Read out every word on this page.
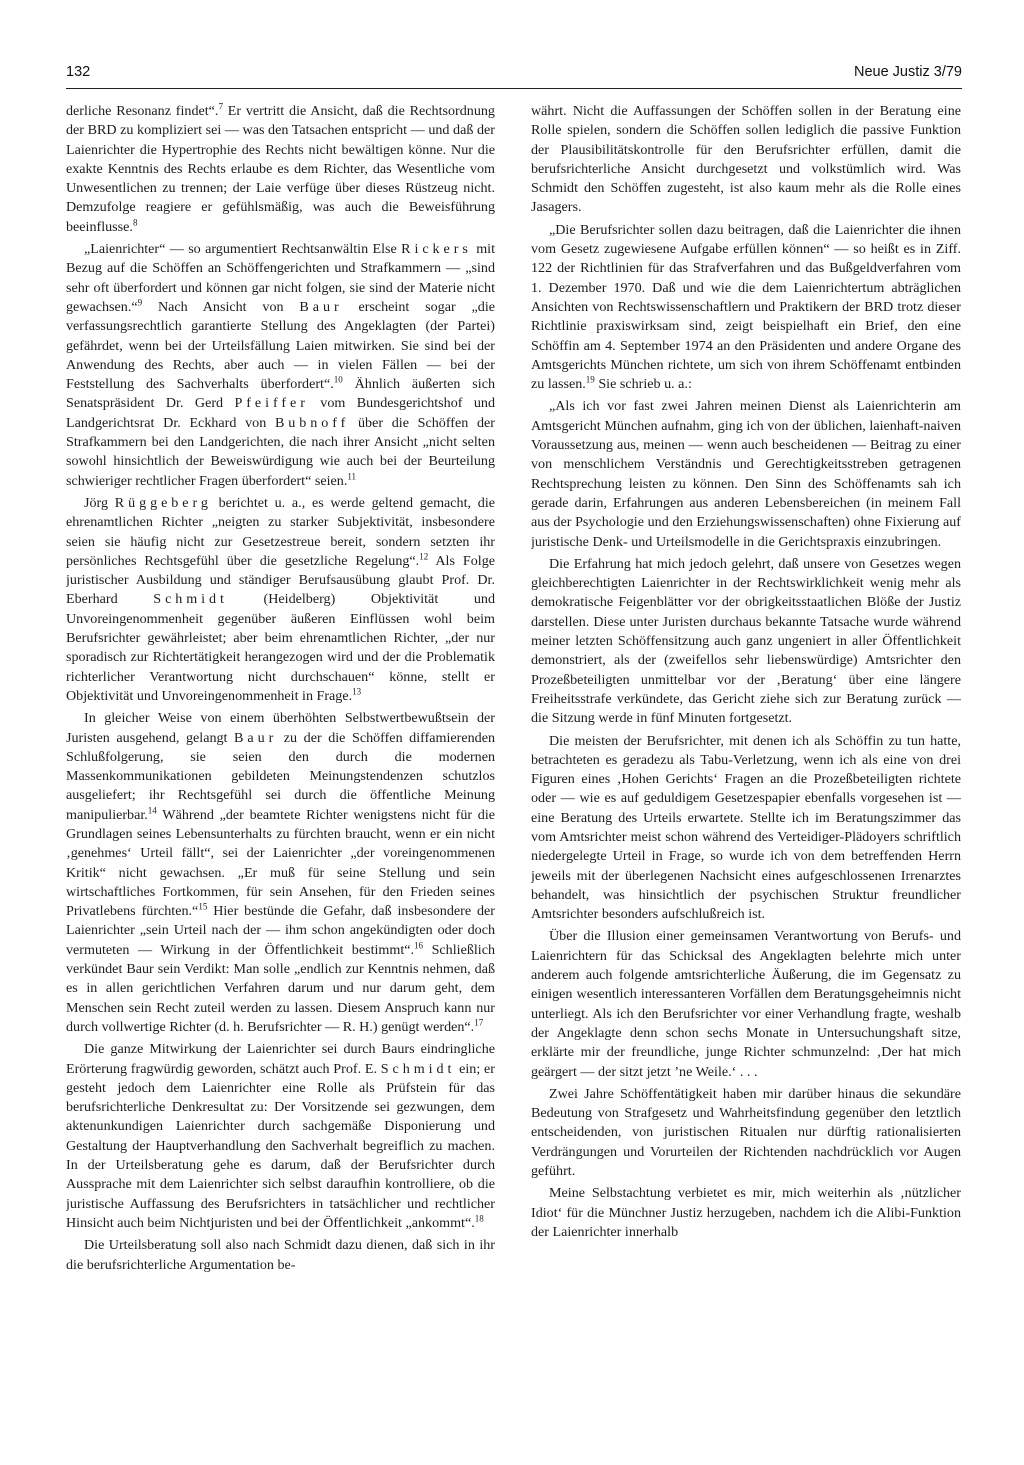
132	Neue Justiz 3/79

derliche Resonanz findet“.$^7$ Er vertritt die Ansicht, daß die Rechtsordnung der BRD zu kompliziert sei — was den Tatsachen entspricht — und daß der Laienrichter die Hypertrophie des Rechts nicht bewältigen könne. Nur die exakte Kenntnis des Rechts erlaube es dem Richter, das Wesentliche vom Unwesentlichen zu trennen; der Laie verfüge über dieses Rüstzeug nicht. Demzufolge reagiere er gefühlsmäßig, was auch die Beweisführung beeinflusse.$^8$

„Laienrichter“ — so argumentiert Rechtsanwältin Else Rickers mit Bezug auf die Schöffen an Schöffengerichten und Strafkammern — „sind sehr oft überfordert und können gar nicht folgen, sie sind der Materie nicht gewachsen.“$^9$ Nach Ansicht von Baur erscheint sogar „die verfassungsrechtlich garantierte Stellung des Angeklagten (der Partei) gefährdet, wenn bei der Urteilsfällung Laien mitwirken. Sie sind bei der Anwendung des Rechts, aber auch — in vielen Fällen — bei der Feststellung des Sachverhalts überfordert“.$^{10}$ Ähnlich äußerten sich Senatspräsident Dr. Gerd Pfeiffer vom Bundesgerichtshof und Landgerichtsrat Dr. Eckhard von Bubnoff über die Schöffen der Strafkammern bei den Landgerichten, die nach ihrer Ansicht „nicht selten sowohl hinsichtlich der Beweiswürdigung wie auch bei der Beurteilung schwieriger rechtlicher Fragen überfordert“ seien.$^{11}$

Jörg Rüggeberg berichtet u. a., es werde geltend gemacht, die ehrenamtlichen Richter „neigten zu starker Subjektivität, insbesondere seien sie häufig nicht zur Gesetzestreue bereit, sondern setzten ihr persönliches Rechtsgefühl über die gesetzliche Regelung“.$^{12}$ Als Folge juristischer Ausbildung und ständiger Berufsausübung glaubt Prof. Dr. Eberhard Schmidt (Heidelberg) Objektivität und Unvoreingenommenheit gegenüber äußeren Einflüssen wohl beim Berufsrichter gewährleistet; aber beim ehrenamtlichen Richter, „der nur sporadisch zur Richtertätigkeit herangezogen wird und der die Problematik richterlicher Verantwortung nicht durchschauen“ könne, stellt er Objektivität und Unvoreingenommenheit in Frage.$^{13}$

In gleicher Weise von einem überhöhten Selbstwertbewußtsein der Juristen ausgehend, gelangt Baur zu der die Schöffen diffamierenden Schlußfolgerung, sie seien den durch die modernen Massenkommunikationen gebildeten Meinungstendenzen schutzlos ausgeliefert; ihr Rechtsgefühl sei durch die öffentliche Meinung manipulierbar.$^{14}$ Während „der beamtete Richter wenigstens nicht für die Grundlagen seines Lebensunterhalts zu fürchten braucht, wenn er ein nicht ‚genehmes‘ Urteil fällt“, sei der Laienrichter „der voreingenommenen Kritik“ nicht gewachsen. „Er muß für seine Stellung und sein wirtschaftliches Fortkommen, für sein Ansehen, für den Frieden seines Privatlebens fürchten.“$^{15}$ Hier bestünde die Gefahr, daß insbesondere der Laienrichter „sein Urteil nach der — ihm schon angekündigten oder doch vermuteten — Wirkung in der Öffentlichkeit bestimmt“.$^{16}$ Schließlich verkündet Baur sein Verdikt: Man solle „endlich zur Kenntnis nehmen, daß es in allen gerichtlichen Verfahren darum und nur darum geht, dem Menschen sein Recht zuteil werden zu lassen. Diesem Anspruch kann nur durch vollwertige Richter (d. h. Berufsrichter — R. H.) genügt werden“.$^{17}$

Die ganze Mitwirkung der Laienrichter sei durch Baurs eindringliche Erörterung fragwürdig geworden, schätzt auch Prof. E. Schmidt ein; er gesteht jedoch dem Laienrichter eine Rolle als Prüfstein für das berufsrichterliche Denkresultat zu: Der Vorsitzende sei gezwungen, dem aktenunkundigen Laienrichter durch sachgemäße Disponierung und Gestaltung der Hauptverhandlung den Sachverhalt begreiflich zu machen. In der Urteilsberatung gehe es darum, daß der Berufsrichter durch Aussprache mit dem Laienrichter sich selbst daraufhin kontrolliere, ob die juristische Auffassung des Berufsrichters in tatsächlicher und rechtlicher Hinsicht auch beim Nichtjuristen und bei der Öffentlichkeit „ankommt“.$^{18}$

Die Urteilsberatung soll also nach Schmidt dazu dienen, daß sich in ihr die berufsrichterliche Argumentation be-

währt. Nicht die Auffassungen der Schöffen sollen in der Beratung eine Rolle spielen, sondern die Schöffen sollen lediglich die passive Funktion der Plausibilitätskontrolle für den Berufsrichter erfüllen, damit die berufsrichterliche Ansicht durchgesetzt und volkstümlich wird. Was Schmidt den Schöffen zugesteht, ist also kaum mehr als die Rolle eines Jasagers.

„Die Berufsrichter sollen dazu beitragen, daß die Laienrichter die ihnen vom Gesetz zugewiesene Aufgabe erfüllen können“ — so heißt es in Ziff. 122 der Richtlinien für das Strafverfahren und das Bußgeldverfahren vom 1. Dezember 1970. Daß und wie die dem Laienrichtertum abträglichen Ansichten von Rechtswissenschaftlern und Praktikern der BRD trotz dieser Richtlinie praxiswirksam sind, zeigt beispielhaft ein Brief, den eine Schöffin am 4. September 1974 an den Präsidenten und andere Organe des Amtsgerichts München richtete, um sich von ihrem Schöffenamt entbinden zu lassen.$^{19}$ Sie schrieb u. a.:

„Als ich vor fast zwei Jahren meinen Dienst als Laienrichterin am Amtsgericht München aufnahm, ging ich von der üblichen, laienhaft-naiven Voraussetzung aus, meinen — wenn auch bescheidenen — Beitrag zu einer von menschlichem Verständnis und Gerechtigkeitsstreben getragenen Rechtsprechung leisten zu können. Den Sinn des Schöffenamts sah ich gerade darin, Erfahrungen aus anderen Lebensbereichen (in meinem Fall aus der Psychologie und den Erziehungswissenschaften) ohne Fixierung auf juristische Denk- und Urteilsmodelle in die Gerichtspraxis einzubringen.

Die Erfahrung hat mich jedoch gelehrt, daß unsere von Gesetzes wegen gleichberechtigten Laienrichter in der Rechtswirklichkeit wenig mehr als demokratische Feigenblätter vor der obrigkeitsstaatlichen Blöße der Justiz darstellen. Diese unter Juristen durchaus bekannte Tatsache wurde während meiner letzten Schöffensitzung auch ganz ungeniert in aller Öffentlichkeit demonstriert, als der (zweifellos sehr liebenswürdige) Amtsrichter den Prozeßbeteiligten unmittelbar vor der ‚Beratung‘ über eine längere Freiheitsstrafe verkündete, das Gericht ziehe sich zur Beratung zurück — die Sitzung werde in fünf Minuten fortgesetzt.

Die meisten der Berufsrichter, mit denen ich als Schöffin zu tun hatte, betrachteten es geradezu als Tabu-Verletzung, wenn ich als eine von drei Figuren eines ‚Hohen Gerichts‘ Fragen an die Prozeßbeteiligten richtete oder — wie es auf geduldigem Gesetzespapier ebenfalls vorgesehen ist — eine Beratung des Urteils erwartete. Stellte ich im Beratungszimmer das vom Amtsrichter meist schon während des Verteidiger-Plädoyers schriftlich niedergelegte Urteil in Frage, so wurde ich von dem betreffenden Herrn jeweils mit der überlegenen Nachsicht eines aufgeschlossenen Irrenarztes behandelt, was hinsichtlich der psychischen Struktur freundlicher Amtsrichter besonders aufschlußreich ist.

Über die Illusion einer gemeinsamen Verantwortung von Berufs- und Laienrichtern für das Schicksal des Angeklagten belehrte mich unter anderem auch folgende amtsrichterliche Äußerung, die im Gegensatz zu einigen wesentlich interessanteren Vorfällen dem Beratungsgeheimnis nicht unterliegt. Als ich den Berufsrichter vor einer Verhandlung fragte, weshalb der Angeklagte denn schon sechs Monate in Untersuchungshaft sitze, erklärte mir der freundliche, junge Richter schmunzelnd: ‚Der hat mich geärgert — der sitzt jetzt ’ne Weile.‘ . . .

Zwei Jahre Schöffentätigkeit haben mir darüber hinaus die sekundäre Bedeutung von Strafgesetz und Wahrheitsfindung gegenüber den letztlich entscheidenden, von juristischen Ritualen nur dürftig rationalisierten Verdrängungen und Vorurteilen der Richtenden nachdrücklich vor Augen geführt.

Meine Selbstachtung verbietet es mir, mich weiterhin als ‚nützlicher Idiot‘ für die Münchner Justiz herzugeben, nachdem ich die Alibi-Funktion der Laienrichter innerhalb
